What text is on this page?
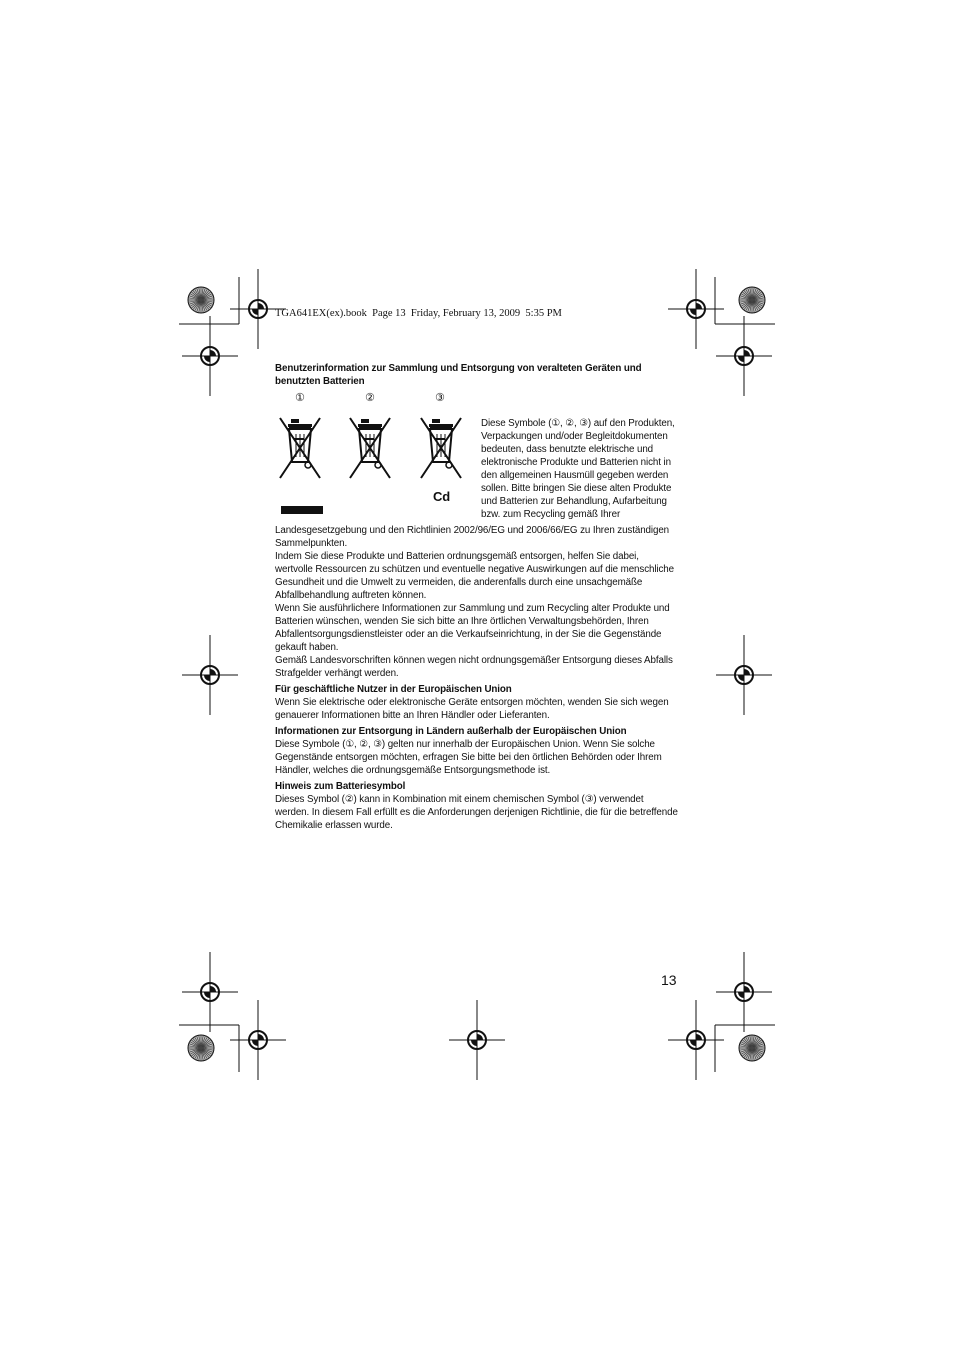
TGA641EX(ex).book  Page 13  Friday, February 13, 2009  5:35 PM

Benutzerinformation zur Sammlung und Entsorgung von veralteten Geräten und benutzten Batterien

①	②	③
Cd

Diese Symbole (①, ②, ③) auf den Produkten, Verpackungen und/oder Begleitdokumenten bedeuten, dass benutzte elektrische und elektronische Produkte und Batterien nicht in den allgemeinen Hausmüll gegeben werden sollen. Bitte bringen Sie diese alten Produkte und Batterien zur Behandlung, Aufarbeitung bzw. zum Recycling gemäß Ihrer

Landesgesetzgebung und den Richtlinien 2002/96/EG und 2006/66/EG zu Ihren zuständigen Sammelpunkten.

Indem Sie diese Produkte und Batterien ordnungsgemäß entsorgen, helfen Sie dabei, wertvolle Ressourcen zu schützen und eventuelle negative Auswirkungen auf die menschliche Gesundheit und die Umwelt zu vermeiden, die anderenfalls durch eine unsachgemäße Abfallbehandlung auftreten können.

Wenn Sie ausführlichere Informationen zur Sammlung und zum Recycling alter Produkte und Batterien wünschen, wenden Sie sich bitte an Ihre örtlichen Verwaltungsbehörden, Ihren Abfallentsorgungsdienstleister oder an die Verkaufseinrichtung, in der Sie die Gegenstände gekauft haben.

Gemäß Landesvorschriften können wegen nicht ordnungsgemäßer Entsorgung dieses Abfalls Strafgelder verhängt werden.

Für geschäftliche Nutzer in der Europäischen Union

Wenn Sie elektrische oder elektronische Geräte entsorgen möchten, wenden Sie sich wegen genauerer Informationen bitte an Ihren Händler oder Lieferanten.

Informationen zur Entsorgung in Ländern außerhalb der Europäischen Union

Diese Symbole (①, ②, ③) gelten nur innerhalb der Europäischen Union. Wenn Sie solche Gegenstände entsorgen möchten, erfragen Sie bitte bei den örtlichen Behörden oder Ihrem Händler, welches die ordnungsgemäße Entsorgungsmethode ist.

Hinweis zum Batteriesymbol

Dieses Symbol (②) kann in Kombination mit einem chemischen Symbol (③) verwendet werden. In diesem Fall erfüllt es die Anforderungen derjenigen Richtlinie, die für die betreffende Chemikalie erlassen wurde.

13
